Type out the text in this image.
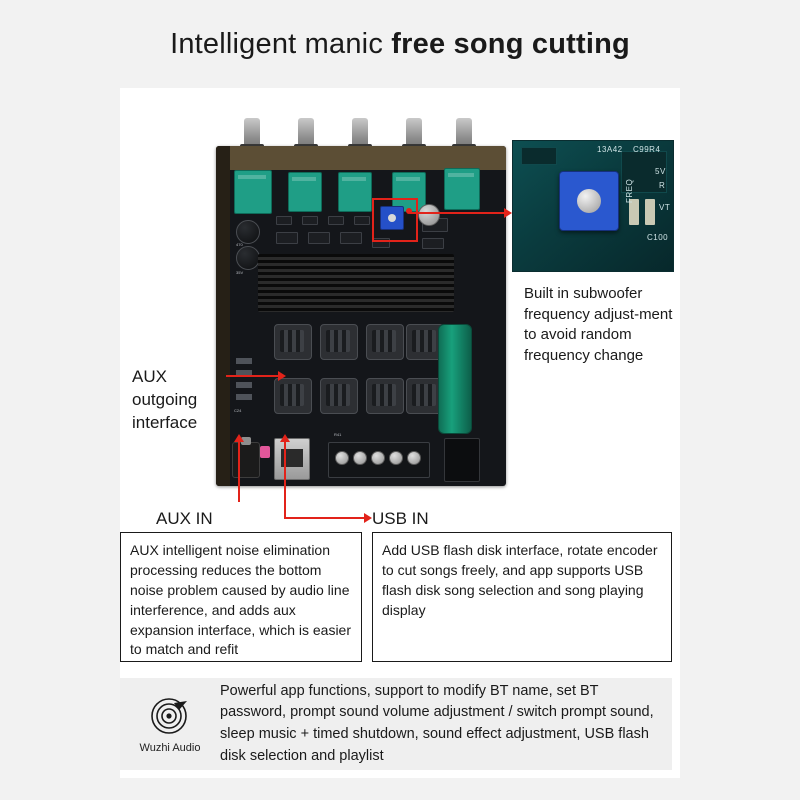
Intelligent manic free song cutting
470
35V
C24
R41
13A42 C99R4
FREQ
C100
VT
R
5V
Built in subwoofer frequency adjust-ment to avoid random frequency change
AUX outgoing interface
AUX IN	USB IN
AUX intelligent noise elimination processing reduces the bottom noise problem caused by audio line interference, and adds aux expansion interface, which is easier to match and refit
Add USB flash disk interface, rotate encoder to cut songs freely, and app supports USB flash disk song selection and song playing display
Wuzhi Audio
Powerful app functions, support to modify BT name, set BT password, prompt sound volume adjustment / switch prompt sound, sleep music + timed shutdown, sound effect adjustment, USB flash disk selection and playlist
